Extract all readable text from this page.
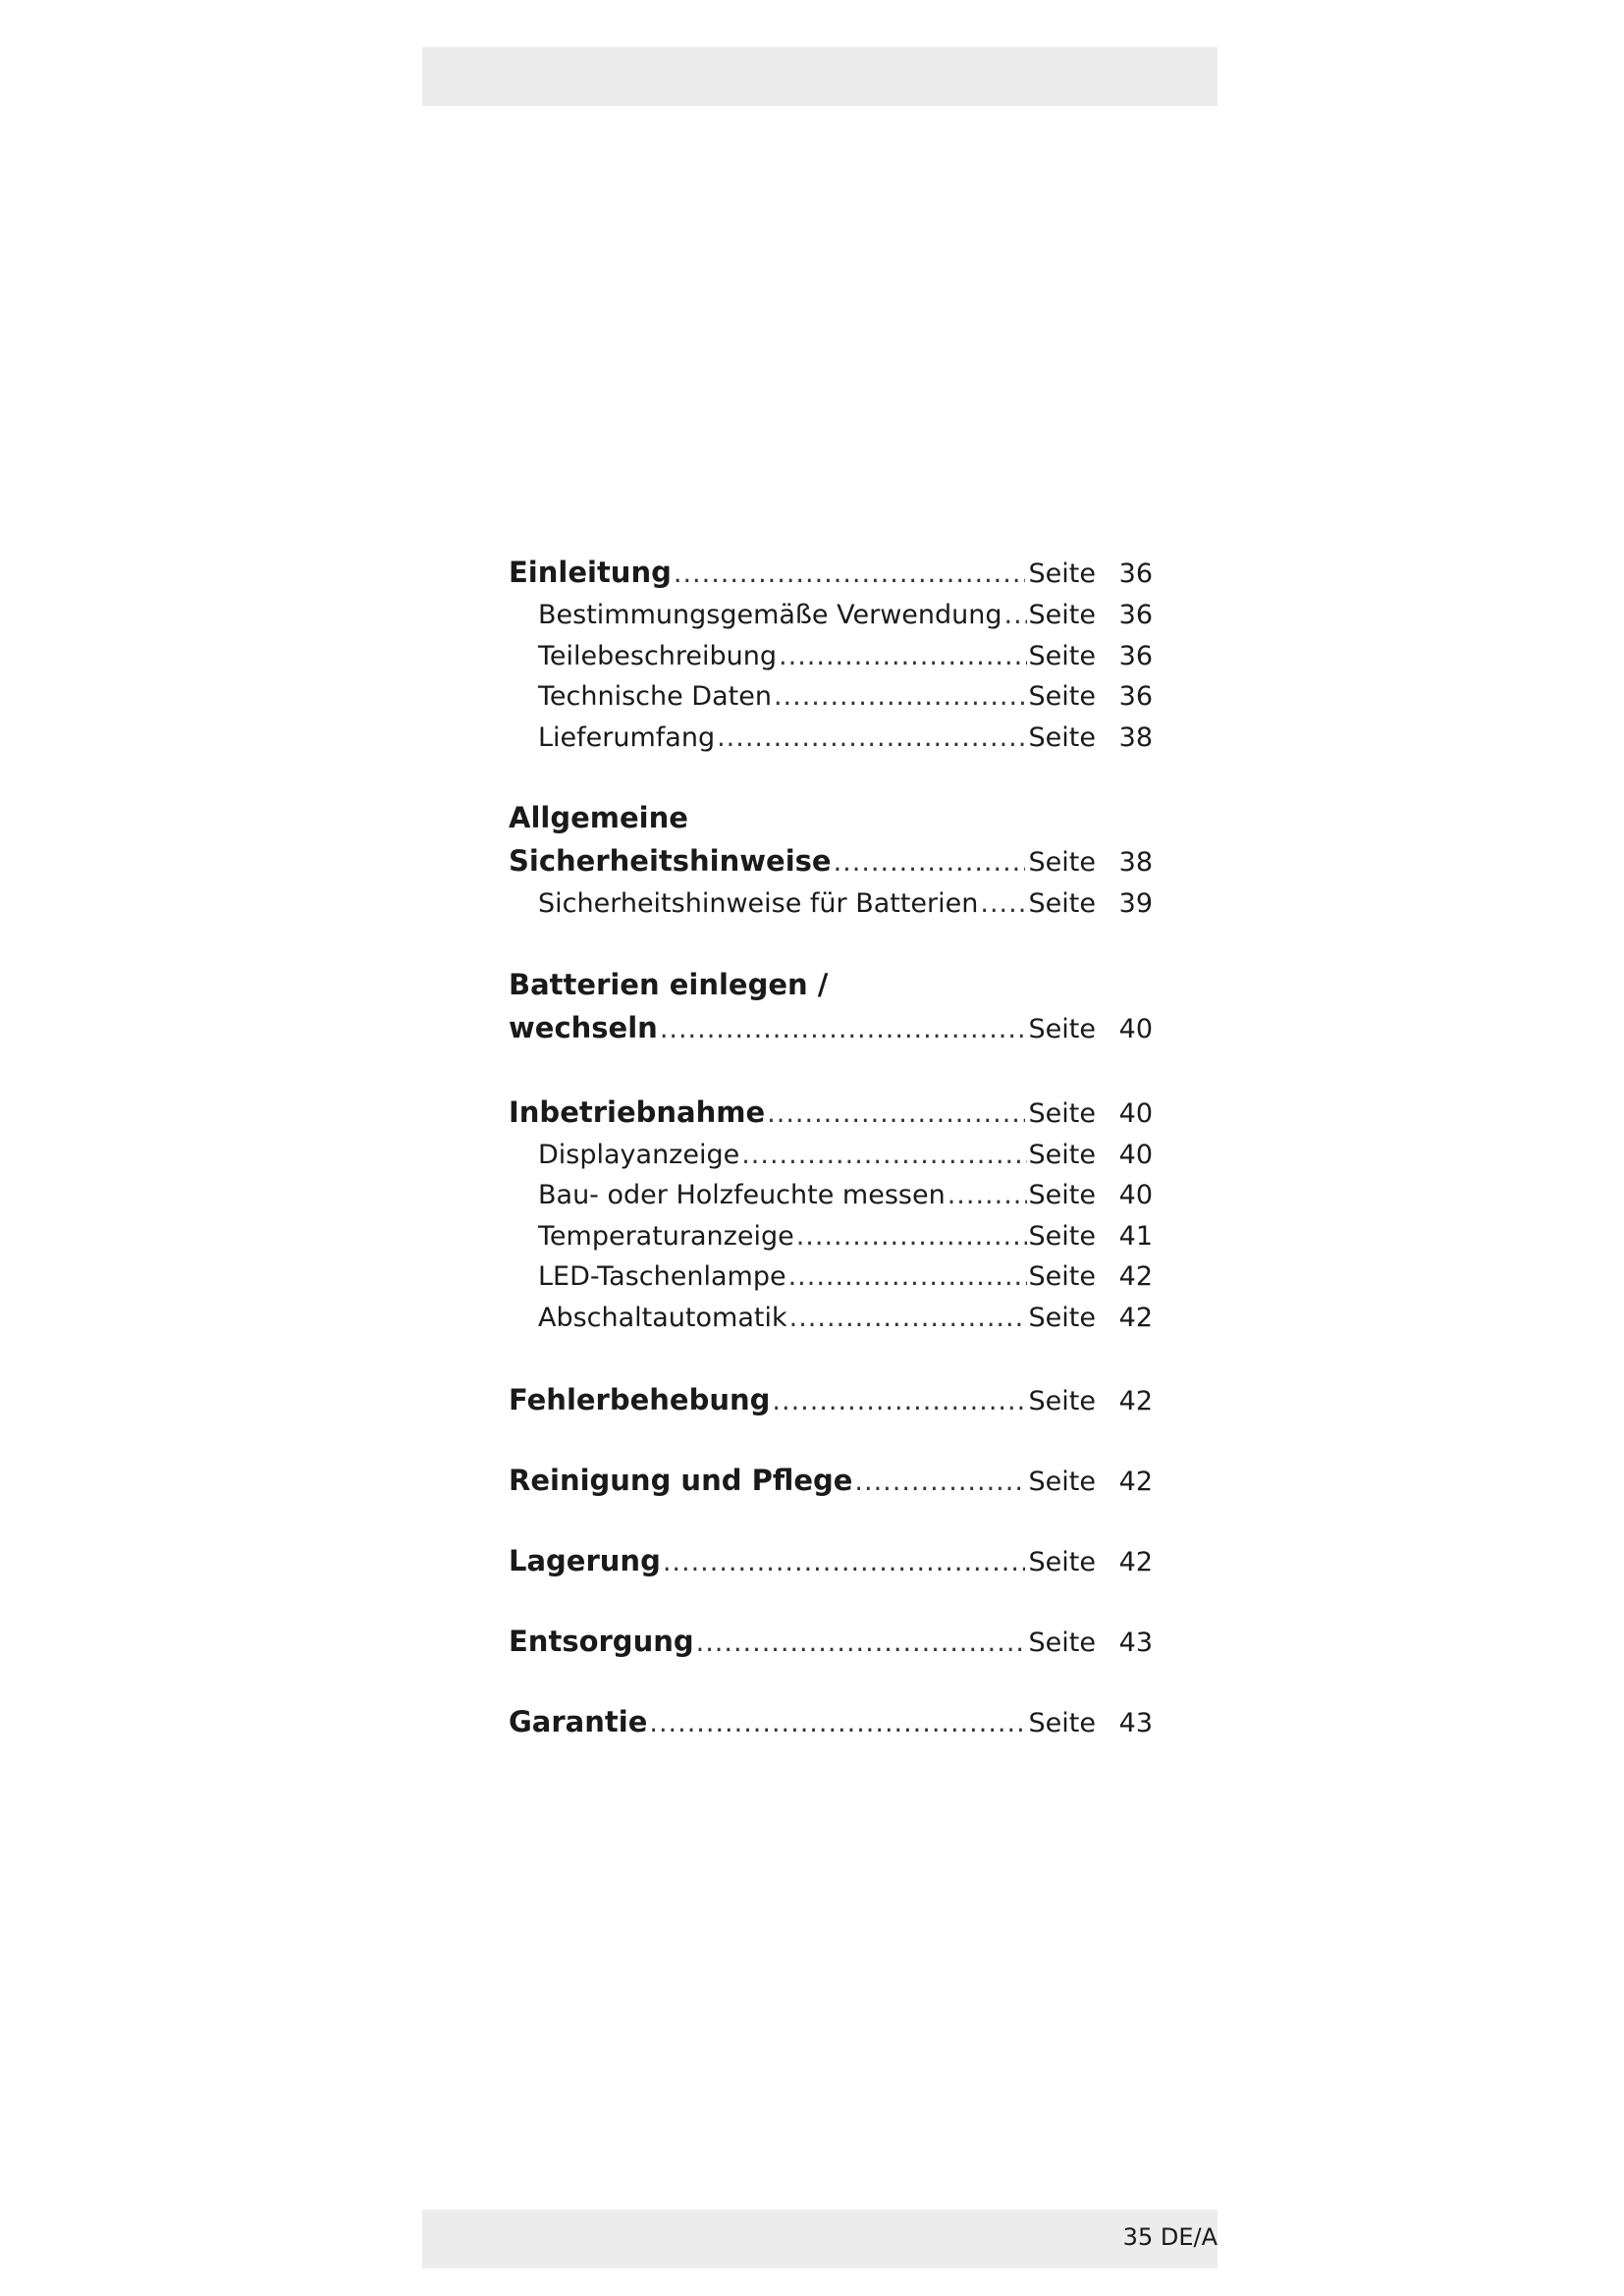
Einleitung .....	Seite 36
Bestimmungsgemäße Verwendung ..... Seite 36
Teilebeschreibung .....	Seite 36
Technische Daten .....	Seite 36
Lieferumfang .....	Seite 38
Allgemeine
Sicherheitshinweise .....	Seite 38
Sicherheitshinweise für Batterien ..... Seite 39
Batterien einlegen /
wechseln .....	Seite 40
Inbetriebnahme .....	Seite 40
Displayanzeige .....	Seite 40
Bau- oder Holzfeuchte messen .....	Seite 40
Temperaturanzeige .....	Seite 41
LED-Taschenlampe .....	Seite 42
Abschaltautomatik .....	Seite 42
Fehlerbehebung .....	Seite 42
Reinigung und Pflege .....	Seite 42
Lagerung .....	Seite 42
Entsorgung .....	Seite 43
Garantie .....	Seite 43
35 DE/A
